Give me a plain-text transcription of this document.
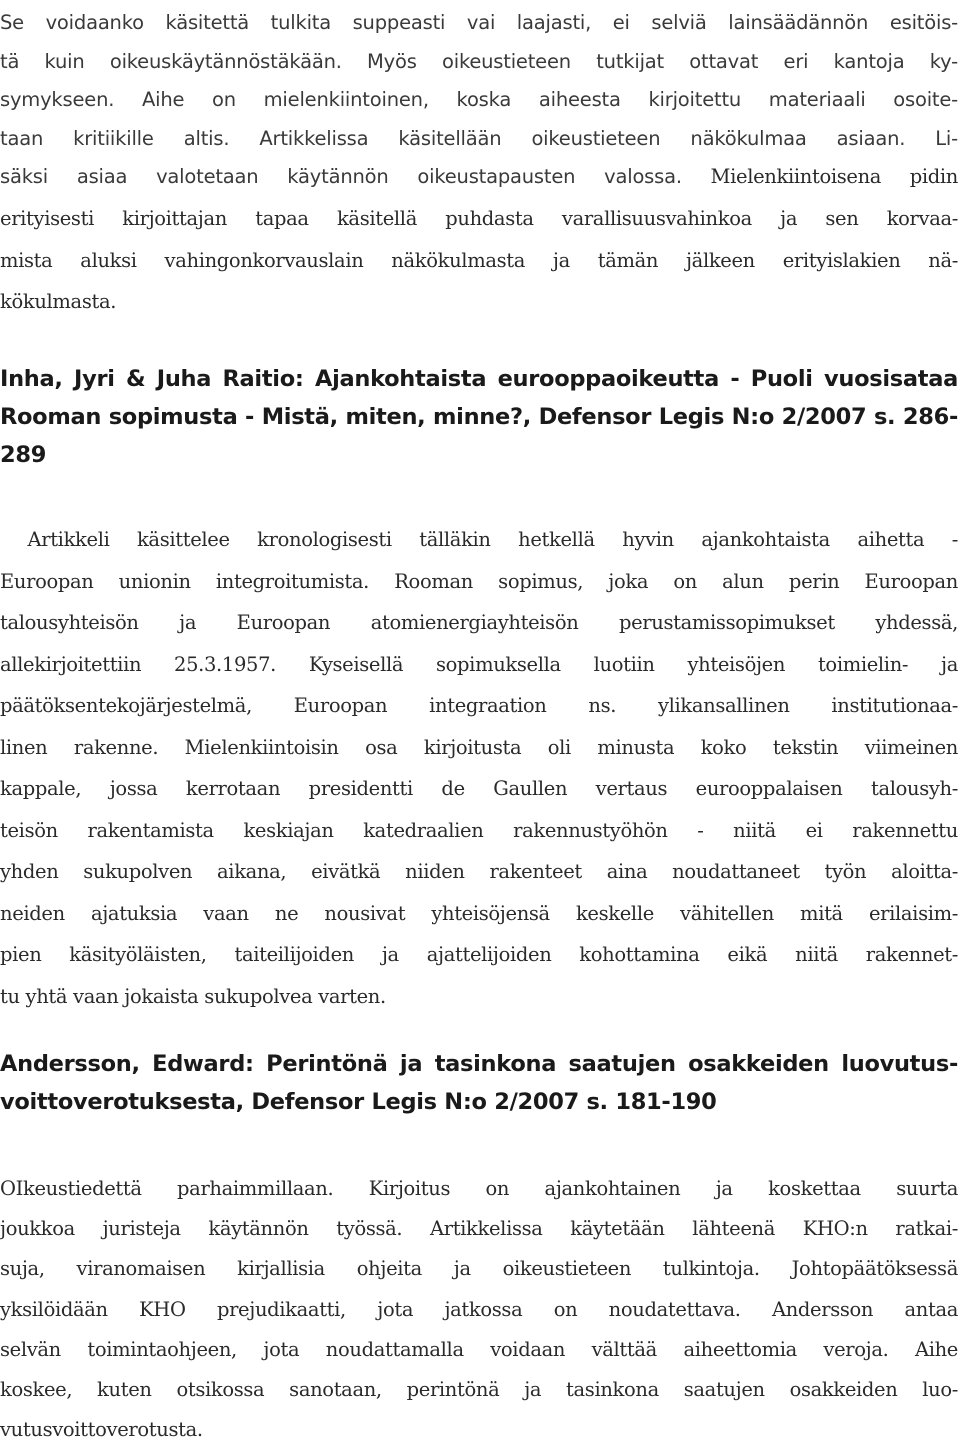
Se voidaanko käsitettä tulkita suppeasti vai laajasti, ei selviä lainsäädännön esitöis-
tä kuin oikeuskäytännöstäkään. Myös oikeustieteen tutkijat ottavat eri kantoja ky-
symykseen. Aihe on mielenkiintoinen, koska aiheesta kirjoitettu materiaali osoite-
taan kritiikille altis. Artikkelissa käsitellään oikeustieteen näkökulmaa asiaan. Li-
säksi asiaa valotetaan käytännön oikeustapausten valossa. Mielenkiintoisena pidin
erityisesti kirjoittajan tapaa käsitellä puhdasta varallisuusvahinkoa ja sen korvaa-
mista aluksi vahingonkorvauslain näkökulmasta ja tämän jälkeen erityislakien nä-
kökulmasta.
Inha, Jyri & Juha Raitio: Ajankohtaista eurooppaoikeutta - Puoli vuosisataa
Rooman sopimusta - Mistä, miten, minne?, Defensor Legis N:o 2/2007 s. 286-
289
Artikkeli käsittelee kronologisesti tälläkin hetkellä hyvin ajankohtaista aihetta -
Euroopan unionin integroitumista. Rooman sopimus, joka on alun perin Euroopan
talousyhteisön ja Euroopan atomienergiayhteisön perustamissopimukset yhdessä,
allekirjoitettiin 25.3.1957. Kyseisellä sopimuksella luotiin yhteisöjen toimielin- ja
päätöksentekojärjestelmä, Euroopan integraation ns. ylikansallinen institutionaa-
linen rakenne. Mielenkiintoisin osa kirjoitusta oli minusta koko tekstin viimeinen
kappale, jossa kerrotaan presidentti de Gaullen vertaus eurooppalaisen talousyh-
teisön rakentamista keskiajan katedraalien rakennustyöhön - niitä ei rakennettu
yhden sukupolven aikana, eivätkä niiden rakenteet aina noudattaneet työn aloitta-
neiden ajatuksia vaan ne nousivat yhteisöjensä keskelle vähitellen mitä erilaisim-
pien käsityöläisten, taiteilijoiden ja ajattelijoiden kohottamina eikä niitä rakennet-
tu yhtä vaan jokaista sukupolvea varten.
Andersson, Edward: Perintönä ja tasinkona saatujen osakkeiden luovutus-
voittoverotuksesta, Defensor Legis N:o 2/2007 s. 181-190
OIkeustiedettä parhaimmillaan. Kirjoitus on ajankohtainen ja koskettaa suurta
joukkoa juristeja käytännön työssä. Artikkelissa käytetään lähteenä KHO:n ratkai-
suja, viranomaisen kirjallisia ohjeita ja oikeustieteen tulkintoja. Johtopäätöksessä
yksilöidään KHO prejudikaatti, jota jatkossa on noudatettava. Andersson antaa
selvän toimintaohjeen, jota noudattamalla voidaan välttää aiheettomia veroja. Aihe
koskee, kuten otsikossa sanotaan, perintönä ja tasinkona saatujen osakkeiden luo-
vutusvoittoverotusta.
